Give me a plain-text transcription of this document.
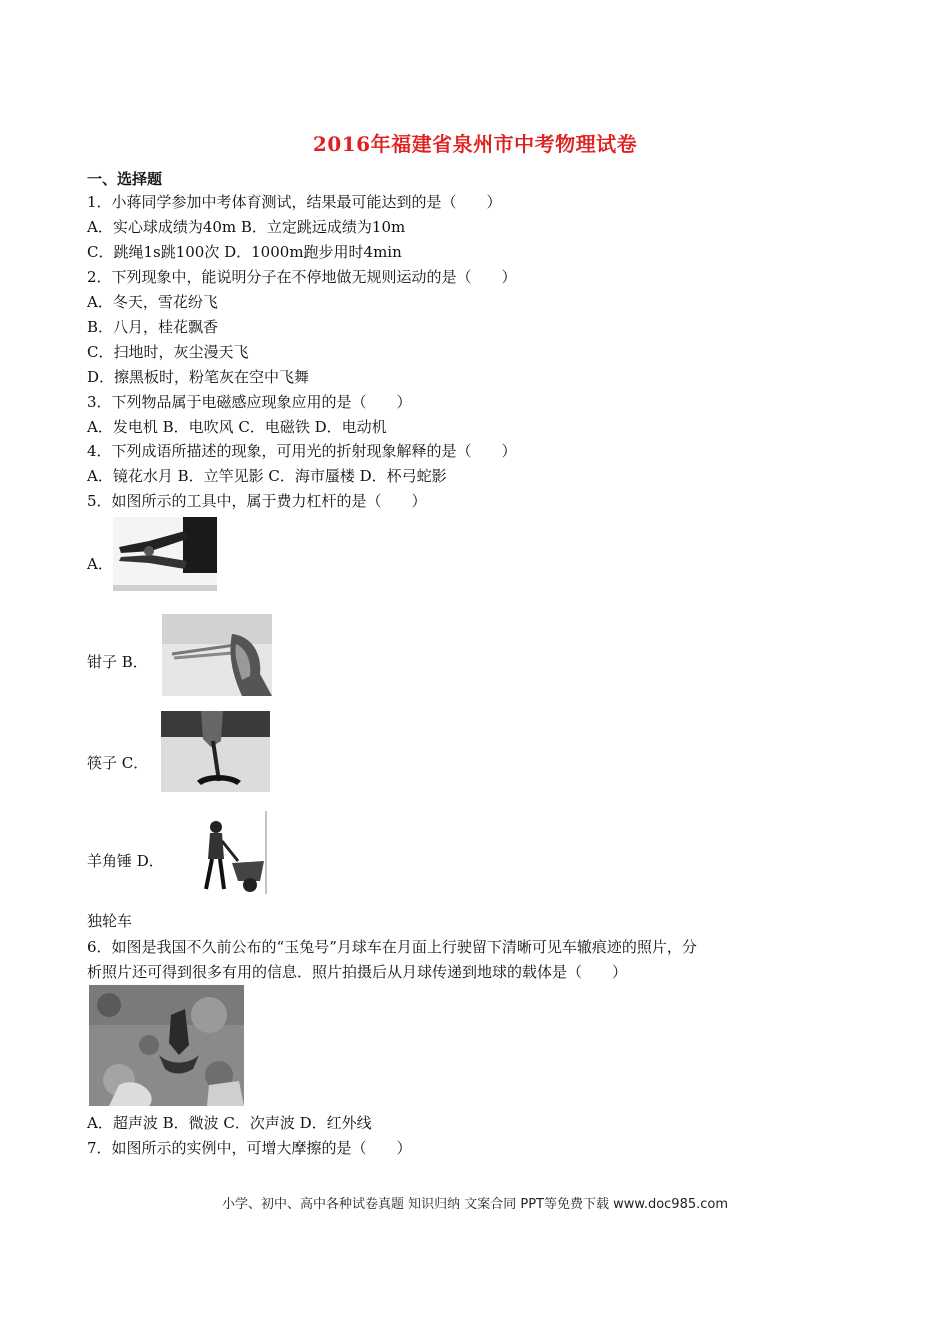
2016年福建省泉州市中考物理试卷
一、选择题
1．小蒋同学参加中考体育测试，结果最可能达到的是（　　）
A．实心球成绩为40m B．立定跳远成绩为10m
C．跳绳1s跳100次 D．1000m跑步用时4min
2．下列现象中，能说明分子在不停地做无规则运动的是（　　）
A．冬天，雪花纷飞
B．八月，桂花飘香
C．扫地时，灰尘漫天飞
D．擦黑板时，粉笔灰在空中飞舞
3．下列物品属于电磁感应现象应用的是（　　）
A．发电机 B．电吹风 C．电磁铁 D．电动机
4．下列成语所描述的现象，可用光的折射现象解释的是（　　）
A．镜花水月 B．立竿见影 C．海市蜃楼 D．杯弓蛇影
5．如图所示的工具中，属于费力杠杆的是（　　）
A．
钳子 B．
筷子 C．
羊角锤 D．
独轮车
6．如图是我国不久前公布的“玉兔号”月球车在月面上行驶留下清晰可见车辙痕迹的照片，分
析照片还可得到很多有用的信息．照片拍摄后从月球传递到地球的载体是（　　）
A．超声波 B．微波 C．次声波 D．红外线
7．如图所示的实例中，可增大摩擦的是（　　）
小学、初中、高中各种试卷真题 知识归纳 文案合同 PPT等免费下载 www.doc985.com
